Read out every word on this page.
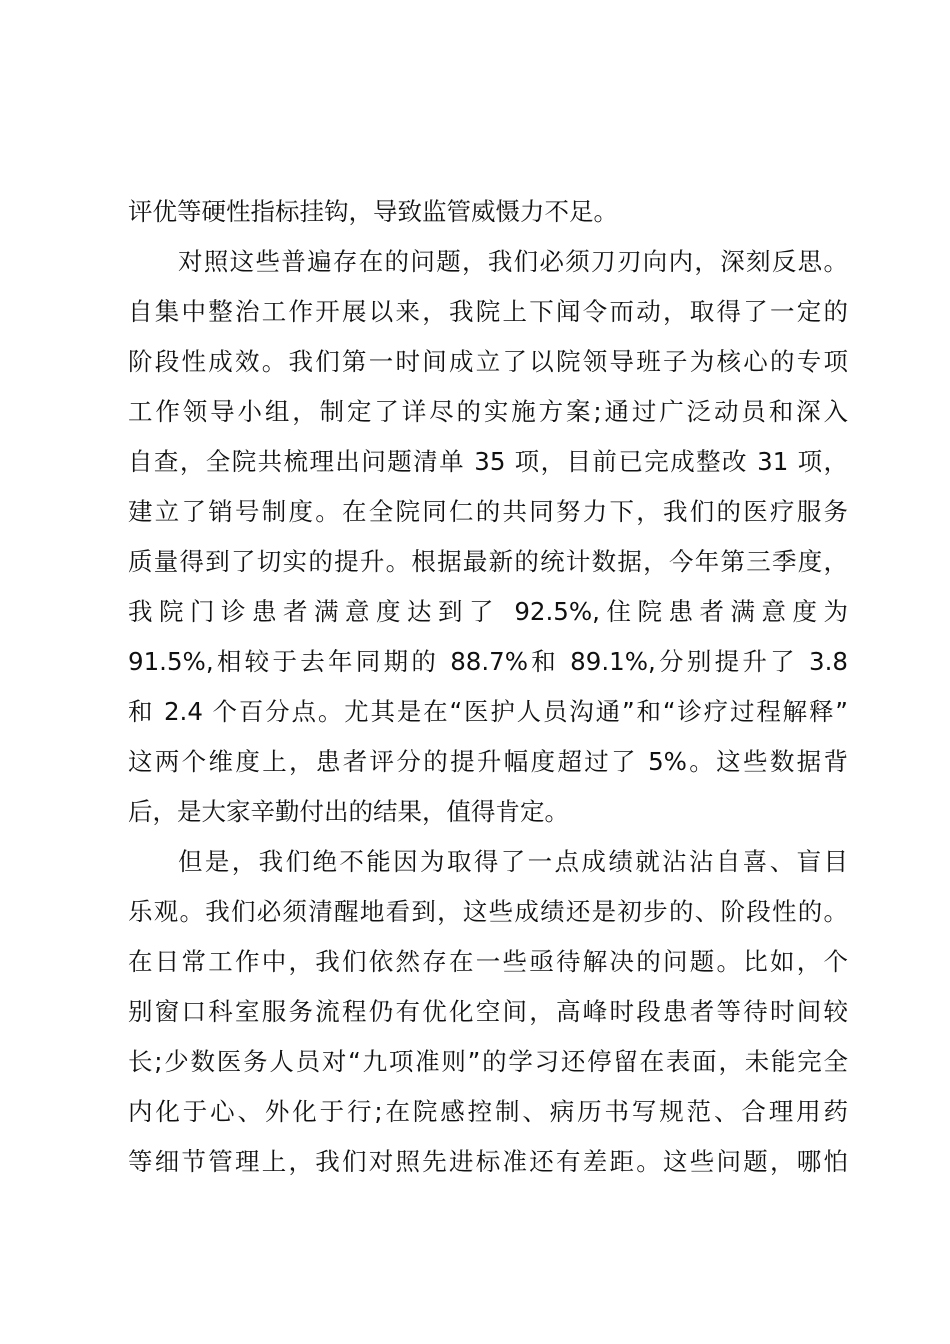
评优等硬性指标挂钩，导致监管威慑力不足。
对照这些普遍存在的问题，我们必须刀刃向内，深刻反思。
自集中整治工作开展以来，我院上下闻令而动，取得了一定的
阶段性成效。我们第一时间成立了以院领导班子为核心的专项
工作领导小组，制定了详尽的实施方案;通过广泛动员和深入
自查，全院共梳理出问题清单 35 项，目前已完成整改 31 项，
建立了销号制度。在全院同仁的共同努力下，我们的医疗服务
质量得到了切实的提升。根据最新的统计数据，今年第三季度，
我院门诊患者满意度达到了 92.5%,住院患者满意度为
91.5%,相较于去年同期的 88.7%和 89.1%,分别提升了 3.8
和 2.4 个百分点。尤其是在“医护人员沟通”和“诊疗过程解释”
这两个维度上，患者评分的提升幅度超过了 5%。这些数据背
后，是大家辛勤付出的结果，值得肯定。
但是，我们绝不能因为取得了一点成绩就沾沾自喜、盲目
乐观。我们必须清醒地看到，这些成绩还是初步的、阶段性的。
在日常工作中，我们依然存在一些亟待解决的问题。比如，个
别窗口科室服务流程仍有优化空间，高峰时段患者等待时间较
长;少数医务人员对“九项准则”的学习还停留在表面，未能完全
内化于心、外化于行;在院感控制、病历书写规范、合理用药
等细节管理上，我们对照先进标准还有差距。这些问题，哪怕
